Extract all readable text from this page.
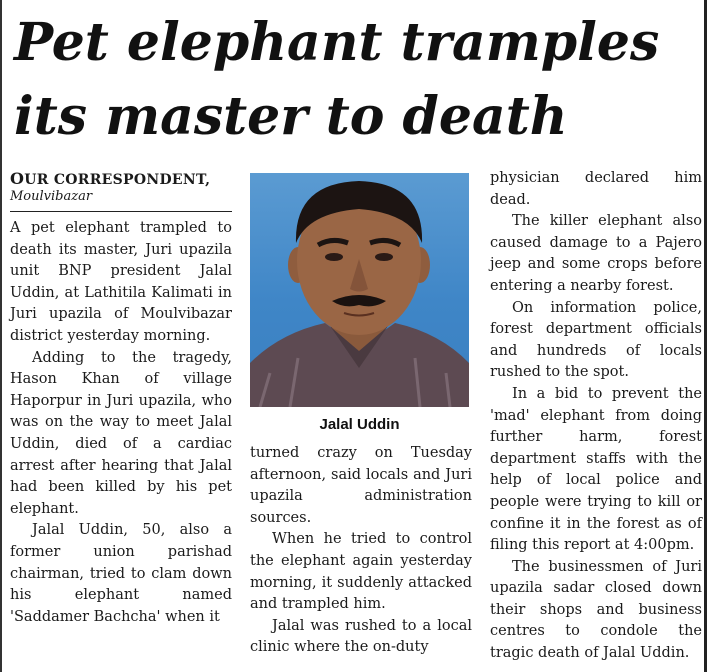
Pet elephant tramples
its master to death
OUR CORRESPONDENT,
Moulvibazar

A pet elephant trampled to death its master, Juri upazila unit BNP president Jalal Uddin, at Lathitila Kalimati in Juri upazila of Moulvibazar district yesterday morning.

Adding to the tragedy, Hason Khan of village Haporpur in Juri upazila, who was on the way to meet Jalal Uddin, died of a cardiac arrest after hearing that Jalal had been killed by his pet elephant.

Jalal Uddin, 50, also a former union parishad chairman, tried to clam down his elephant named 'Saddamer Bachcha' when it

Jalal Uddin

turned crazy on Tuesday afternoon, said locals and Juri upazila administration sources.

When he tried to control the elephant again yesterday morning, it suddenly attacked and trampled him.

Jalal was rushed to a local clinic where the on-duty

physician declared him dead.

The killer elephant also caused damage to a Pajero jeep and some crops before entering a nearby forest.

On information police, forest department officials and hundreds of locals rushed to the spot.

In a bid to prevent the 'mad' elephant from doing further harm, forest department staffs with the help of local police and people were trying to kill or confine it in the forest as of filing this report at 4:00pm.

The businessmen of Juri upazila sadar closed down their shops and business centres to condole the tragic death of Jalal Uddin.
